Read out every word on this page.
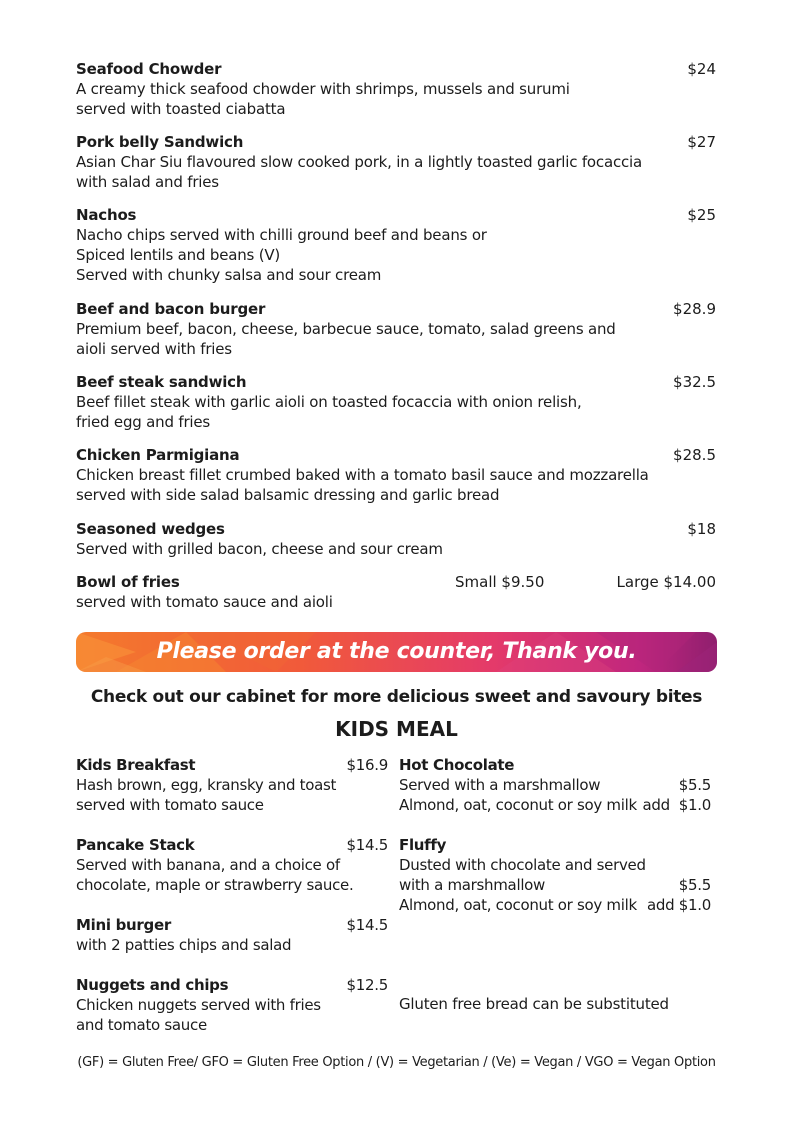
Seafood Chowder	$24
A creamy thick seafood chowder with shrimps, mussels and surumi
served with toasted ciabatta
Pork belly Sandwich	$27
Asian Char Siu flavoured slow cooked pork, in a lightly toasted garlic focaccia
with salad and fries
Nachos	$25
Nacho chips served with chilli ground beef and beans or
Spiced lentils and beans (V)
Served with chunky salsa and sour cream
Beef and bacon burger	$28.9
Premium beef, bacon, cheese, barbecue sauce, tomato, salad greens and
aioli served with fries
Beef steak sandwich	$32.5
Beef fillet steak with garlic aioli on toasted focaccia with onion relish,
fried egg and fries
Chicken Parmigiana	$28.5
Chicken breast fillet crumbed baked with a tomato basil sauce and mozzarella
served with side salad balsamic dressing and garlic bread
Seasoned wedges	$18
Served with grilled bacon, cheese and sour cream
Bowl of fries	Small $9.50	Large $14.00
served with tomato sauce and aioli
Please order at the counter, Thank you.
Check out our cabinet for more delicious sweet and savoury bites
KIDS MEAL
Kids Breakfast	$16.9
Hash brown, egg, kransky and toast
served with tomato sauce
Pancake Stack	$14.5
Served with banana, and a choice of
chocolate, maple or strawberry sauce.
Mini burger	$14.5
with 2 patties chips and salad
Nuggets and chips	$12.5
Chicken nuggets served with fries
and tomato sauce
Hot Chocolate
Served with a marshmallow	$5.5
Almond, oat, coconut or soy milk add  $1.0
Fluffy
Dusted with chocolate and served
with a marshmallow	$5.5
Almond, oat, coconut or soy milk add $1.0
Gluten free bread can be substituted
(GF) = Gluten Free/ GFO = Gluten Free Option / (V) = Vegetarian / (Ve) = Vegan / VGO = Vegan Option
